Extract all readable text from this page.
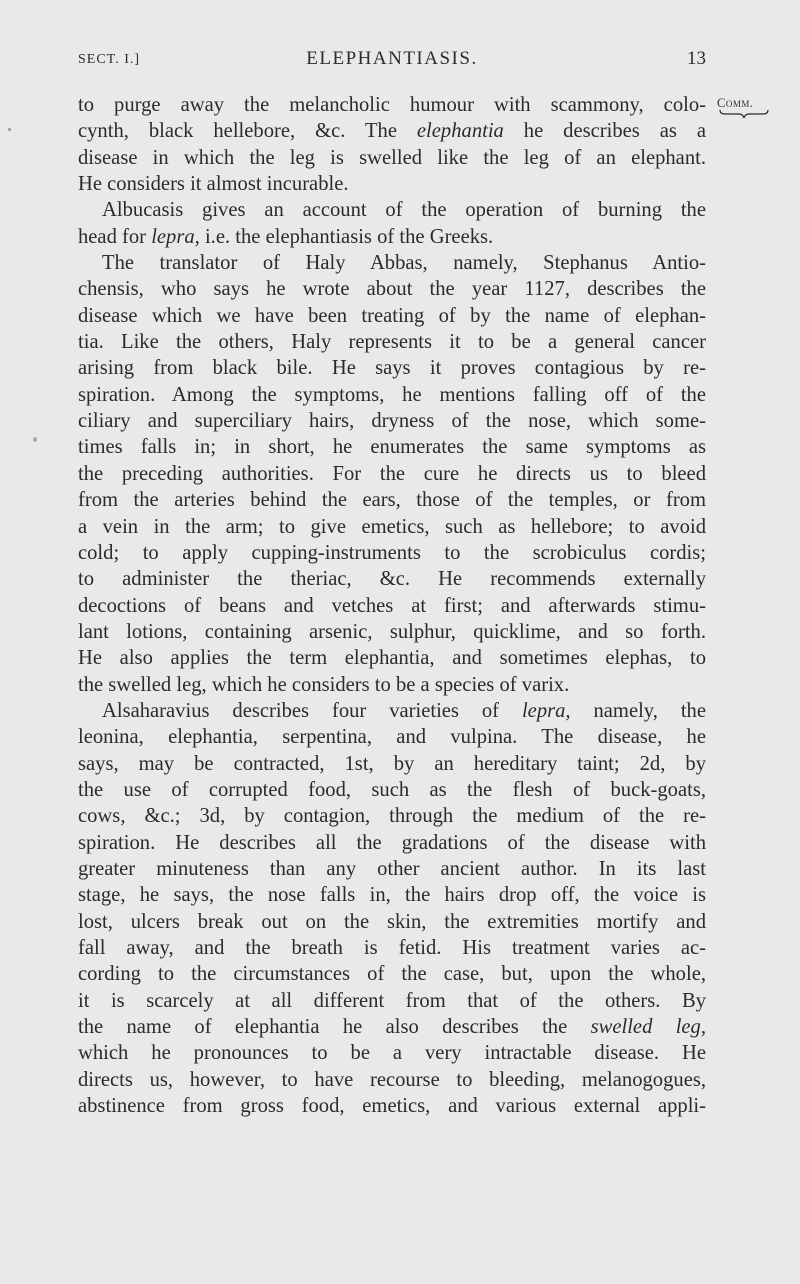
SECT. I.]	ELEPHANTIASIS.	13
Comm.
to purge away the melancholic humour with scammony, colo-
cynth, black hellebore, &c. The elephantia he describes as a
disease in which the leg is swelled like the leg of an elephant.
He considers it almost incurable.
Albucasis gives an account of the operation of burning the
head for lepra, i.e. the elephantiasis of the Greeks.
The translator of Haly Abbas, namely, Stephanus Antio-
chensis, who says he wrote about the year 1127, describes the
disease which we have been treating of by the name of elephan-
tia. Like the others, Haly represents it to be a general cancer
arising from black bile. He says it proves contagious by re-
spiration. Among the symptoms, he mentions falling off of the
ciliary and superciliary hairs, dryness of the nose, which some-
times falls in; in short, he enumerates the same symptoms as
the preceding authorities. For the cure he directs us to bleed
from the arteries behind the ears, those of the temples, or from
a vein in the arm; to give emetics, such as hellebore; to avoid
cold; to apply cupping-instruments to the scrobiculus cordis;
to administer the theriac, &c. He recommends externally
decoctions of beans and vetches at first; and afterwards stimu-
lant lotions, containing arsenic, sulphur, quicklime, and so forth.
He also applies the term elephantia, and sometimes elephas, to
the swelled leg, which he considers to be a species of varix.
Alsaharavius describes four varieties of lepra, namely, the
leonina, elephantia, serpentina, and vulpina. The disease, he
says, may be contracted, 1st, by an hereditary taint; 2d, by
the use of corrupted food, such as the flesh of buck-goats,
cows, &c.; 3d, by contagion, through the medium of the re-
spiration. He describes all the gradations of the disease with
greater minuteness than any other ancient author. In its last
stage, he says, the nose falls in, the hairs drop off, the voice is
lost, ulcers break out on the skin, the extremities mortify and
fall away, and the breath is fetid. His treatment varies ac-
cording to the circumstances of the case, but, upon the whole,
it is scarcely at all different from that of the others. By
the name of elephantia he also describes the swelled leg,
which he pronounces to be a very intractable disease. He
directs us, however, to have recourse to bleeding, melanogogues,
abstinence from gross food, emetics, and various external appli-
